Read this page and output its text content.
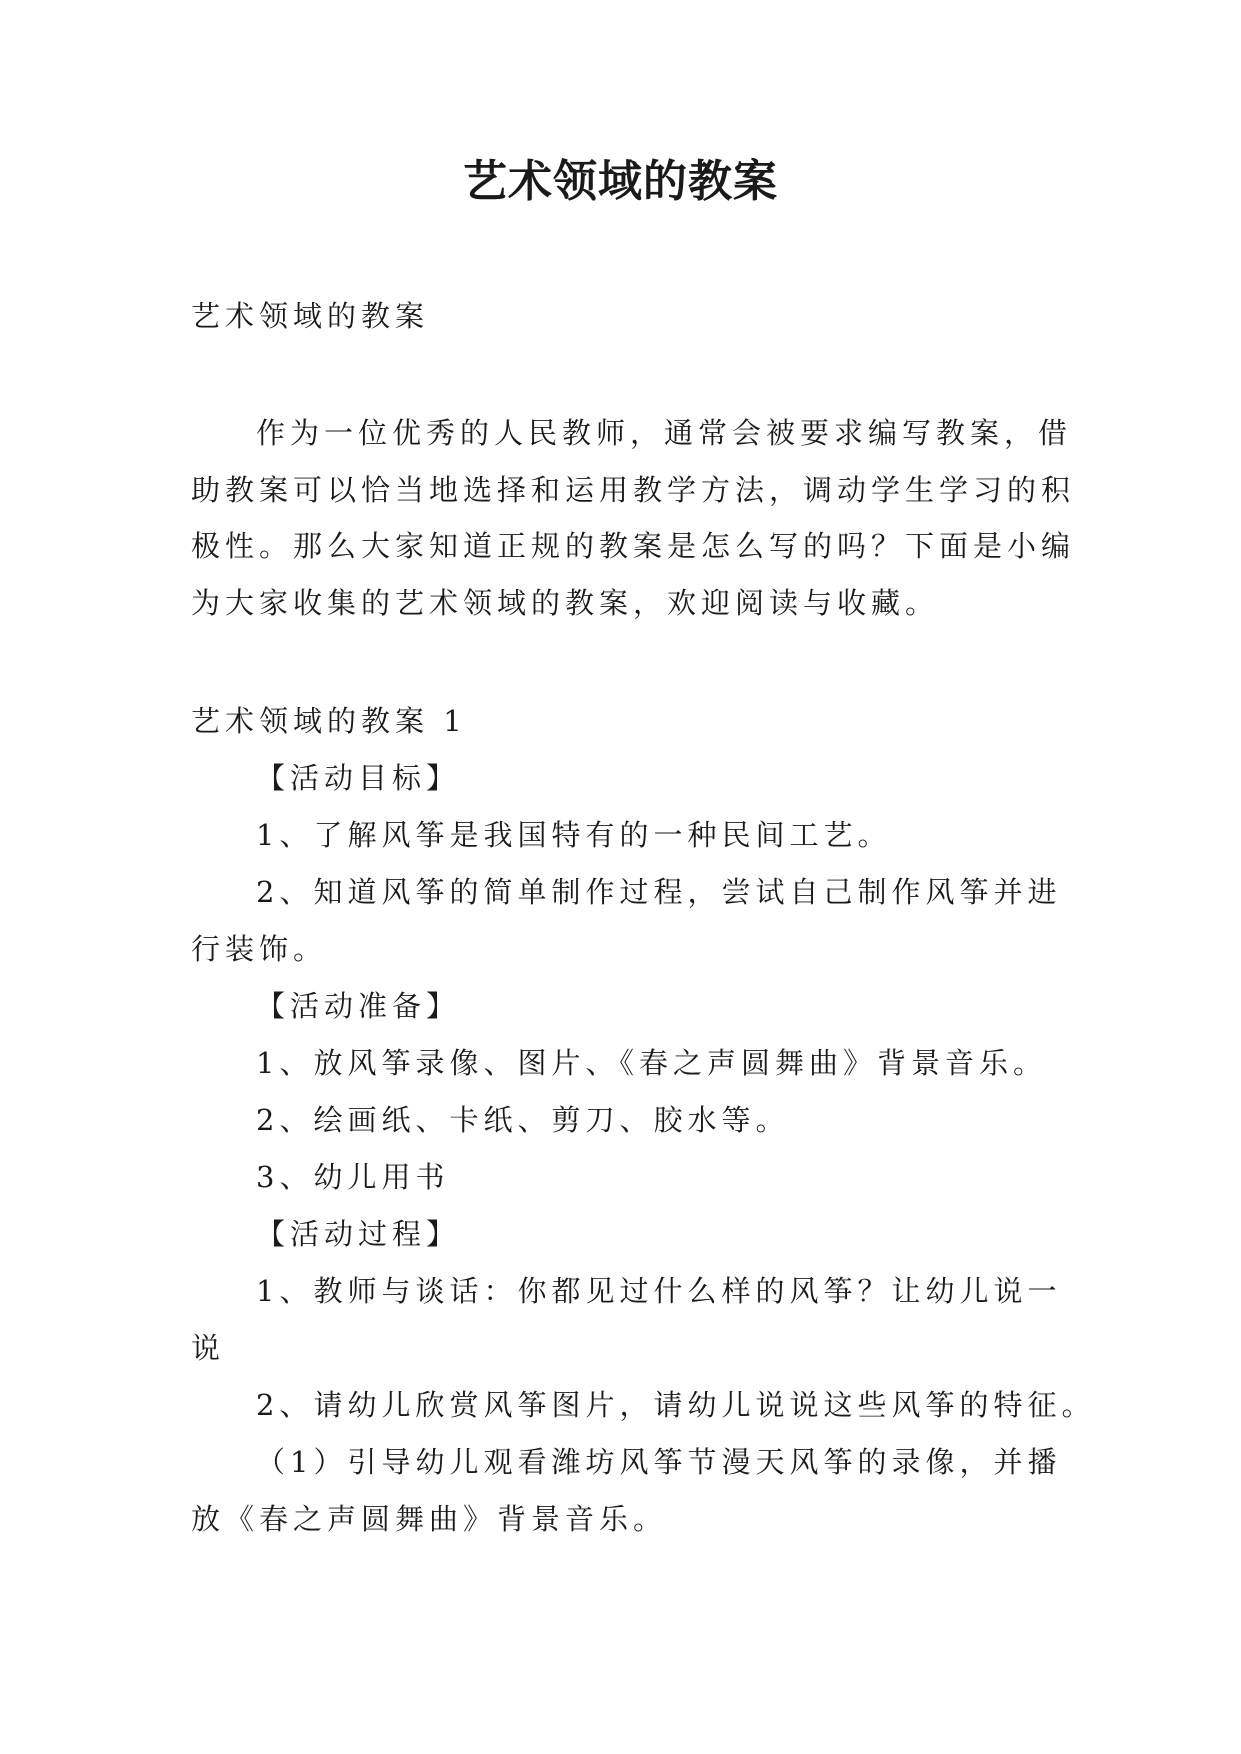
艺术领域的教案

艺术领域的教案

作为一位优秀的人民教师，通常会被要求编写教案，借

助教案可以恰当地选择和运用教学方法，调动学生学习的积

极性。那么大家知道正规的教案是怎么写的吗？下面是小编

为大家收集的艺术领域的教案，欢迎阅读与收藏。

艺术领域的教案 1

【活动目标】

1、了解风筝是我国特有的一种民间工艺。

2、知道风筝的简单制作过程，尝试自己制作风筝并进

行装饰。

【活动准备】

1、放风筝录像、图片、《春之声圆舞曲》背景音乐。

2、绘画纸、卡纸、剪刀、胶水等。

3、幼儿用书

【活动过程】

1、教师与谈话：你都见过什么样的风筝？让幼儿说一

说

2、请幼儿欣赏风筝图片，请幼儿说说这些风筝的特征。

（1）引导幼儿观看潍坊风筝节漫天风筝的录像，并播

放《春之声圆舞曲》背景音乐。
